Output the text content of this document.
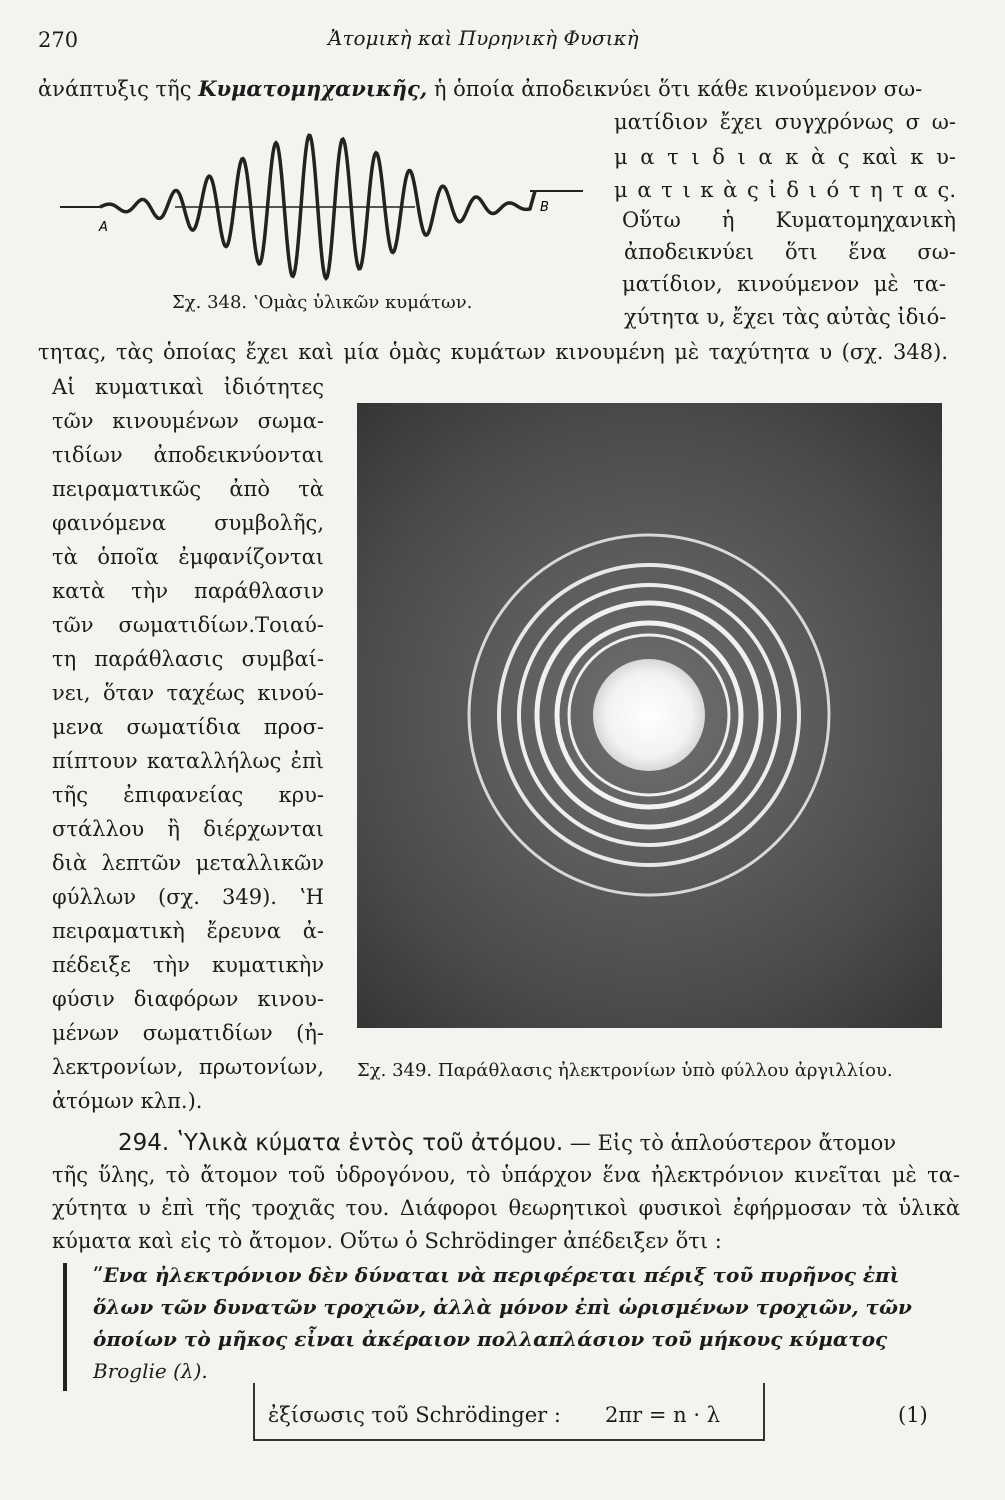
270	Ἀτομικὴ καὶ Πυρηνικὴ Φυσικὴ
ἀνάπτυξις τῆς Κυματομηχανικῆς, ἡ ὁποία ἀποδεικνύει ὅτι κάθε κινούμενον σω-
A
B
Σχ. 348. ʽΟμὰς ὑλικῶν κυμάτων.
ματίδιον ἔχει συγχρόνως σ ω-
μ α τ ι δ ι α κ ὰ ς καὶ κ υ-
μ α τ ι κ ὰ ς ἰ δ ι ό τ η τ α ς.
Οὕτω ἡ Κυματομηχανικὴ
ἀποδεικνύει ὅτι ἕνα σω-
ματίδιον, κινούμενον μὲ τα-
χύτητα υ, ἔχει τὰς αὐτὰς ἰδιό-
τητας, τὰς ὁποίας ἔχει καὶ μία ὁμὰς κυμάτων κινουμένη μὲ ταχύτητα υ (σχ. 348).
Αἱ κυματικαὶ ἰδιότητες
τῶν κινουμένων σωμα-
τιδίων ἀποδεικνύονται
πειραματικῶς ἀπὸ τὰ
φαινόμενα συμβολῆς,
τὰ ὁποῖα ἐμφανίζονται
κατὰ τὴν παράθλασιν
τῶν σωματιδίων.Τοιαύ-
τη παράθλασις συμβαί-
νει, ὅταν ταχέως κινού-
μενα σωματίδια προσ-
πίπτουν καταλλήλως ἐπὶ
τῆς ἐπιφανείας κρυ-
στάλλου ἢ διέρχωνται
διὰ λεπτῶν μεταλλικῶν
φύλλων (σχ. 349). ʽΗ
πειραματικὴ ἔρευνα ἀ-
πέδειξε τὴν κυματικὴν
φύσιν διαφόρων κινου-
μένων σωματιδίων (ἠ-
λεκτρονίων, πρωτονίων,
ἀτόμων κλπ.).
Σχ. 349. Παράθλασις ἠλεκτρονίων ὑπὸ φύλλου ἀργιλλίου.
294. ʽΥλικὰ κύματα ἐντὸς τοῦ ἀτόμου. — Εἰς τὸ ἁπλούστερον ἄτομον
τῆς ὕλης, τὸ ἄτομον τοῦ ὑδρογόνου, τὸ ὑπάρχον ἕνα ἠλεκτρόνιον κινεῖται μὲ τα-
χύτητα υ ἐπὶ τῆς τροχιᾶς του. Διάφοροι θεωρητικοὶ φυσικοὶ ἐφήρμοσαν τὰ ὑλικὰ
κύματα καὶ εἰς τὸ ἄτομον. Οὕτω ὁ Schrödinger ἀπέδειξεν ὅτι :
ʺΕνα ἠλεκτρόνιον δὲν δύναται νὰ περιφέρεται πέριξ τοῦ πυρῆνος ἐπὶ
ὅλων τῶν δυνατῶν τροχιῶν, ἀλλὰ μόνον ἐπὶ ὡρισμένων τροχιῶν, τῶν
ὁποίων τὸ μῆκος εἶναι ἀκέραιον πολλαπλάσιον τοῦ μήκους κύματος
Broglie (λ).
ἐξίσωσις τοῦ Schrödinger : 2πr = n · λ	(1)
